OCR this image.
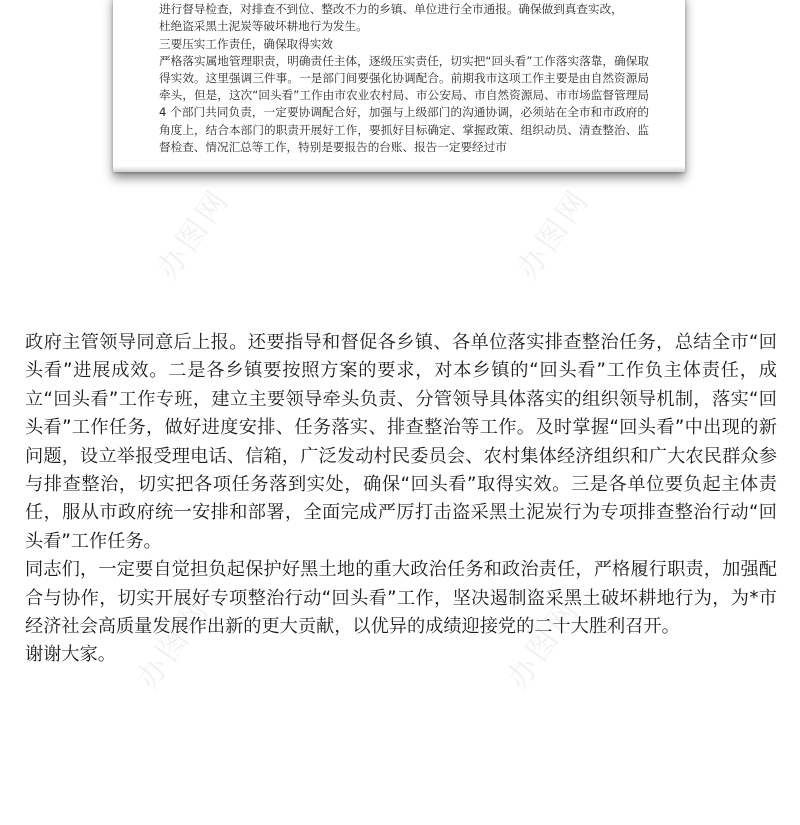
进行督导检查，对排查不到位、整改不力的乡镇、单位进行全市通报。确保做到真查实改，

杜绝盗采黑土泥炭等破坏耕地行为发生。

三要压实工作责任，确保取得实效

严格落实属地管理职责，明确责任主体，逐级压实责任，切实把“回头看”工作落实落靠，确保取得实效。这里强调三件事。一是部门间要强化协调配合。前期我市这项工作主要是由自然资源局牵头，但是，这次“回头看”工作由市农业农村局、市公安局、市自然资源局、市市场监督管理局 4 个部门共同负责，一定要协调配合好，加强与上级部门的沟通协调，必须站在全市和市政府的角度上，结合本部门的职责开展好工作，要抓好目标确定、掌握政策、组织动员、清查整治、监督检查、情况汇总等工作，特别是要报告的台账、报告一定要经过市

办图网	办图网
办图网	办图网

政府主管领导同意后上报。还要指导和督促各乡镇、各单位落实排查整治任务，总结全市“回头看”进展成效。二是各乡镇要按照方案的要求，对本乡镇的“回头看”工作负主体责任，成立“回头看”工作专班，建立主要领导牵头负责、分管领导具体落实的组织领导机制，落实“回头看”工作任务，做好进度安排、任务落实、排查整治等工作。及时掌握“回头看”中出现的新问题，设立举报受理电话、信箱，广泛发动村民委员会、农村集体经济组织和广大农民群众参与排查整治，切实把各项任务落到实处，确保“回头看”取得实效。三是各单位要负起主体责任，服从市政府统一安排和部署，全面完成严厉打击盗采黑土泥炭行为专项排查整治行动“回头看”工作任务。

同志们，一定要自觉担负起保护好黑土地的重大政治任务和政治责任，严格履行职责，加强配合与协作，切实开展好专项整治行动“回头看”工作，坚决遏制盗采黑土破坏耕地行为，为*市经济社会高质量发展作出新的更大贡献，以优异的成绩迎接党的二十大胜利召开。

谢谢大家。
